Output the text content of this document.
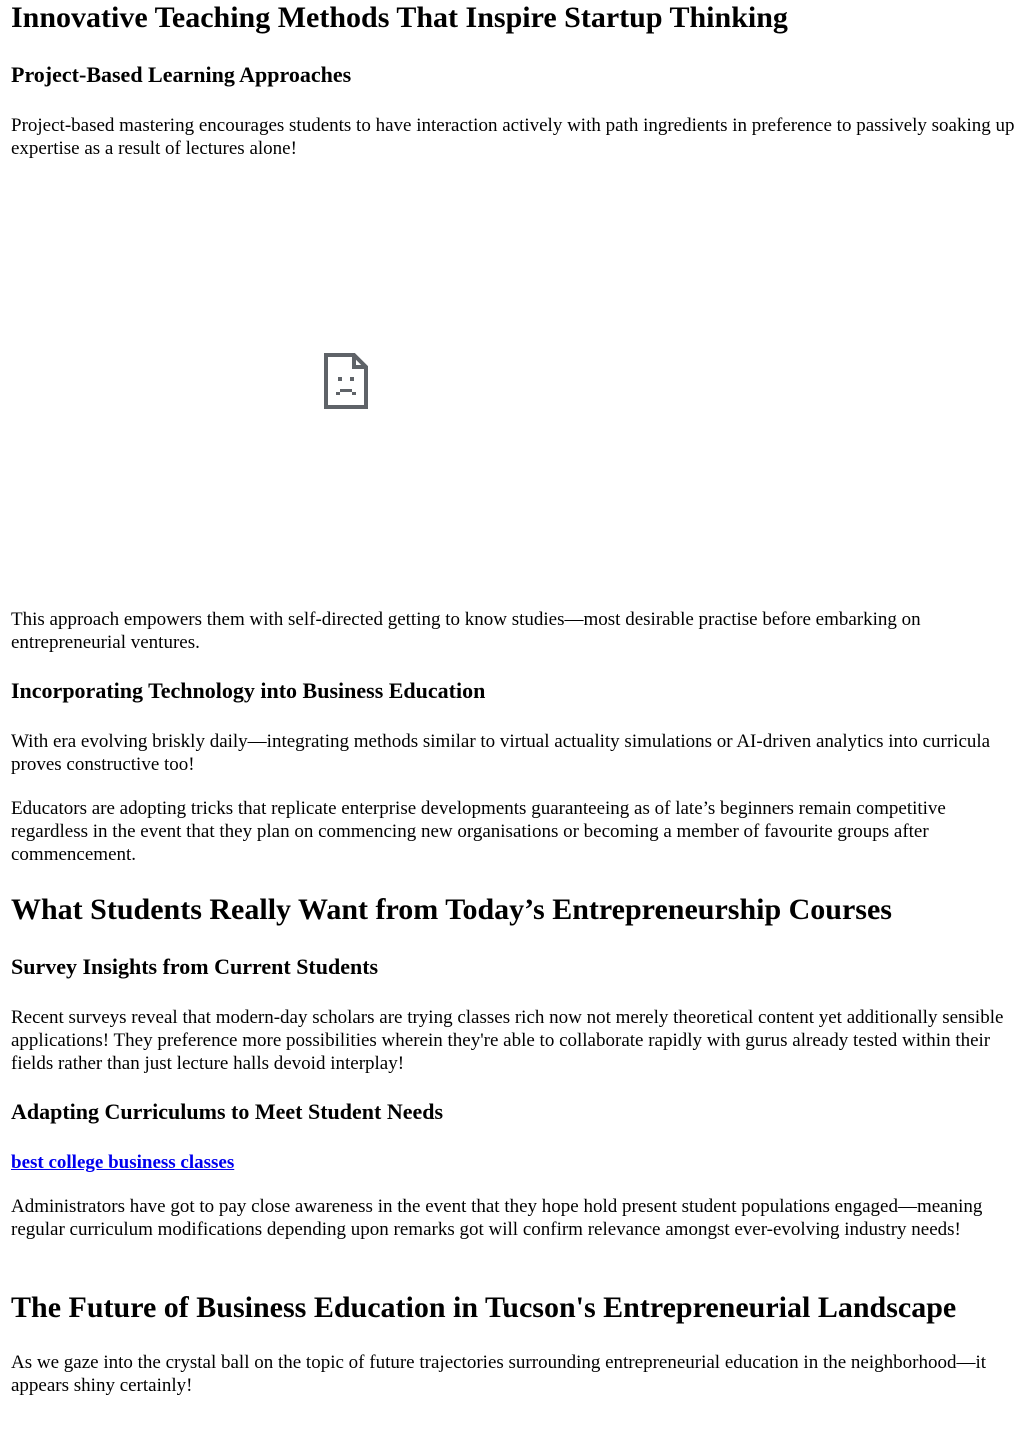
Innovative Teaching Methods That Inspire Startup Thinking
Project-Based Learning Approaches

Project-based mastering encourages students to have interaction actively with path ingredients in preference to passively soaking up expertise as a result of lectures alone!

This approach empowers them with self-directed getting to know studies—most desirable practise before embarking on entrepreneurial ventures.

Incorporating Technology into Business Education

With era evolving briskly daily—integrating methods similar to virtual actuality simulations or AI-driven analytics into curricula proves constructive too!

Educators are adopting tricks that replicate enterprise developments guaranteeing as of late’s beginners remain competitive regardless in the event that they plan on commencing new organisations or becoming a member of favourite groups after commencement.

What Students Really Want from Today’s Entrepreneurship Courses
Survey Insights from Current Students

Recent surveys reveal that modern-day scholars are trying classes rich now not merely theoretical content yet additionally sensible applications! They preference more possibilities wherein they're able to collaborate rapidly with gurus already tested within their fields rather than just lecture halls devoid interplay!

Adapting Curriculums to Meet Student Needs

best college business classes

Administrators have got to pay close awareness in the event that they hope hold present student populations engaged—meaning regular curriculum modifications depending upon remarks got will confirm relevance amongst ever-evolving industry needs!

The Future of Business Education in Tucson's Entrepreneurial Landscape

As we gaze into the crystal ball on the topic of future trajectories surrounding entrepreneurial education in the neighborhood—it appears shiny certainly!
